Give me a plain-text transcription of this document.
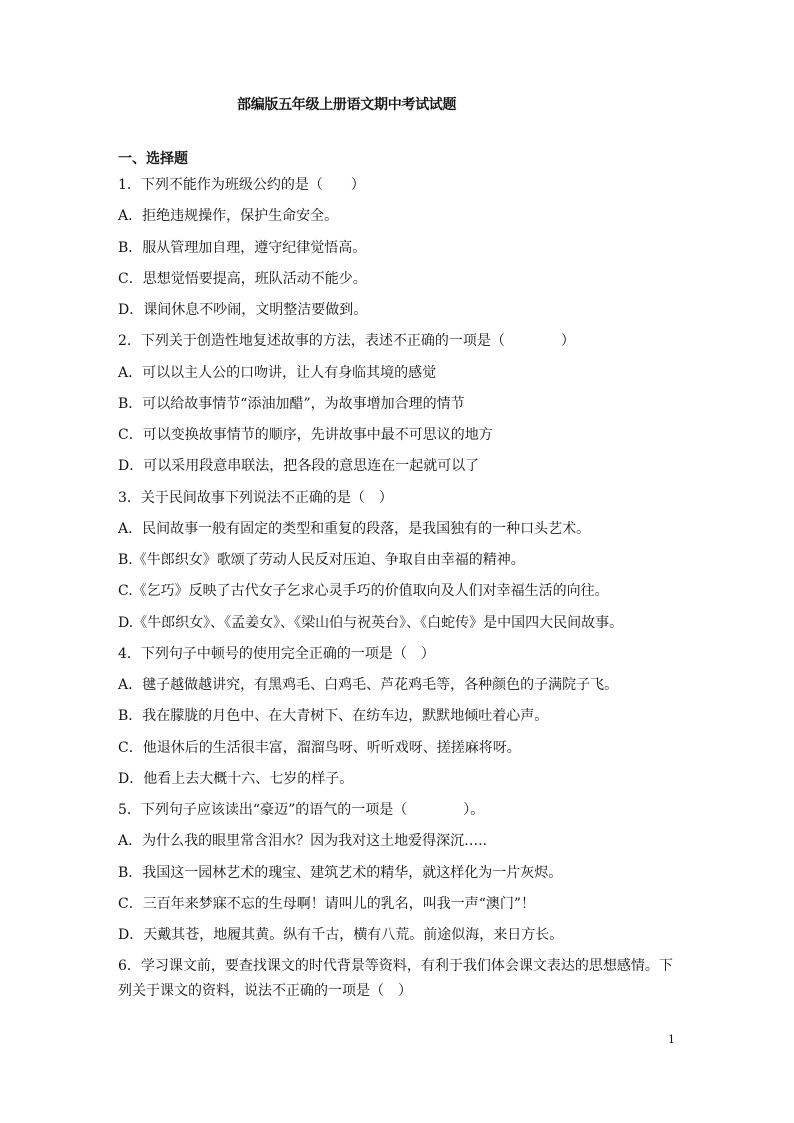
部编版五年级上册语文期中考试试题
一、选择题
1．下列不能作为班级公约的是（　　）
A．拒绝违规操作，保护生命安全。
B．服从管理加自理，遵守纪律觉悟高。
C．思想觉悟要提高，班队活动不能少。
D．课间休息不吵闹，文明整洁要做到。
2．下列关于创造性地复述故事的方法，表述不正确的一项是（　　　　）
A．可以以主人公的口吻讲，让人有身临其境的感觉
B．可以给故事情节“添油加醋”，为故事增加合理的情节
C．可以变换故事情节的顺序，先讲故事中最不可思议的地方
D．可以采用段意串联法，把各段的意思连在一起就可以了
3．关于民间故事下列说法不正确的是（　）
A．民间故事一般有固定的类型和重复的段落，是我国独有的一种口头艺术。
B.《牛郎织女》歌颂了劳动人民反对压迫、争取自由幸福的精神。
C.《乞巧》反映了古代女子乞求心灵手巧的价值取向及人们对幸福生活的向往。
D.《牛郎织女》、《孟姜女》、《梁山伯与祝英台》、《白蛇传》是中国四大民间故事。
4．下列句子中顿号的使用完全正确的一项是（　）
A．毽子越做越讲究，有黑鸡毛、白鸡毛、芦花鸡毛等，各种颜色的子满院子飞。
B．我在朦胧的月色中、在大青树下、在纺车边，默默地倾吐着心声。
C．他退休后的生活很丰富，溜溜鸟呀、听听戏呀、搓搓麻将呀。
D．他看上去大概十六、七岁的样子。
5．下列句子应该读出“豪迈”的语气的一项是（　　　　）。
A．为什么我的眼里常含泪水？因为我对这土地爱得深沉…..
B．我国这一园林艺术的瑰宝、建筑艺术的精华，就这样化为一片灰烬。
C．三百年来梦寐不忘的生母啊！请叫儿的乳名，叫我一声“澳门”！
D．天戴其苍，地履其黄。纵有千古，横有八荒。前途似海，来日方长。
6．学习课文前，要查找课文的时代背景等资料，有利于我们体会课文表达的思想感情。下
列关于课文的资料，说法不正确的一项是（　）
1
